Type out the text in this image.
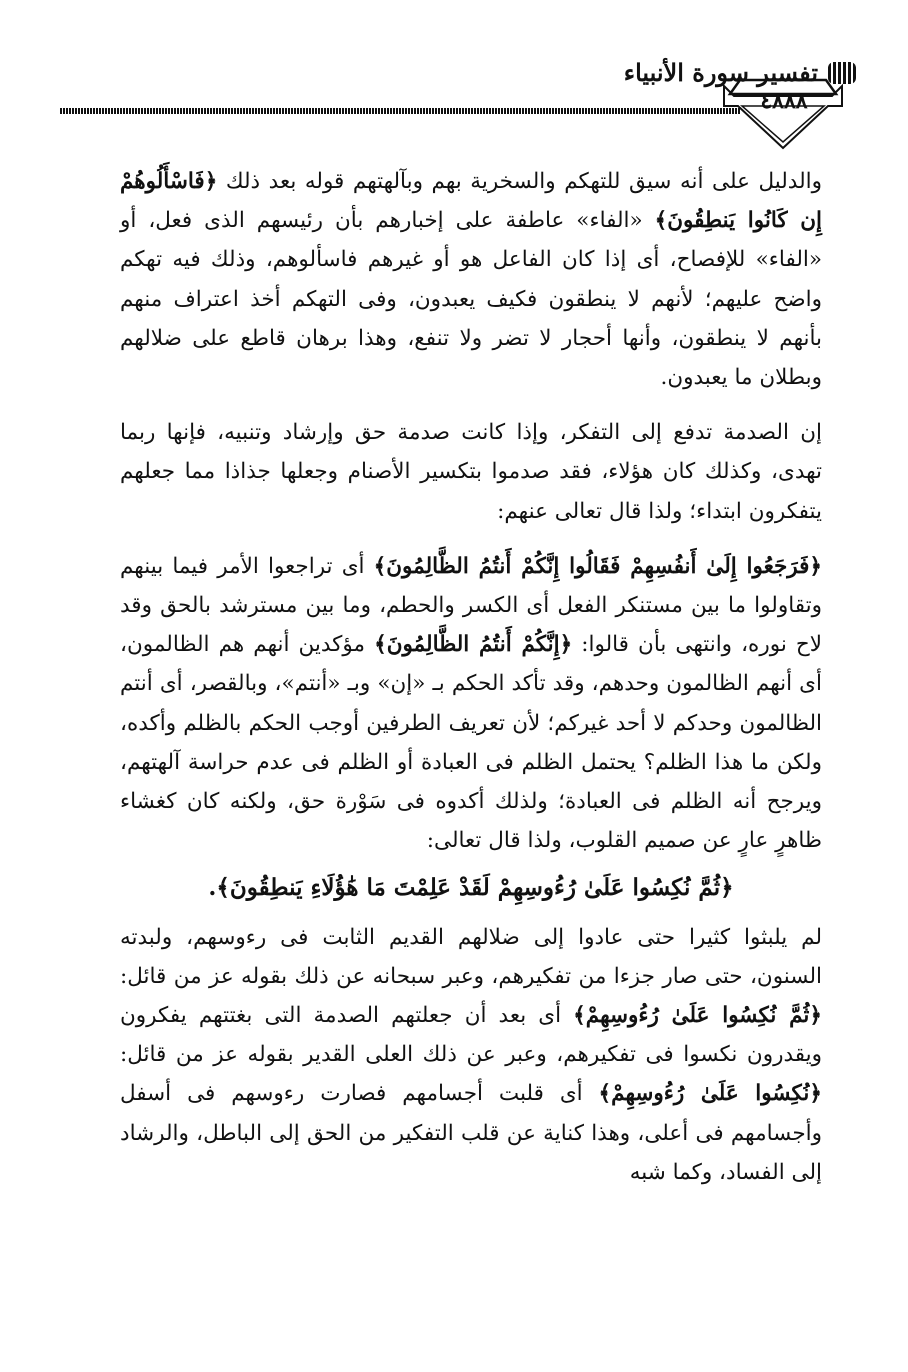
تفسير سورة الأنبياء
٤٨٨٨

والدليل على أنه سيق للتهكم والسخرية بهم وبآلهتهم قوله بعد ذلك ﴿فَاسْأَلُوهُمْ إِن كَانُوا يَنطِقُونَ﴾ «الفاء» عاطفة على إخبارهم بأن رئيسهم الذى فعل، أو «الفاء» للإفصاح، أى إذا كان الفاعل هو أو غيرهم فاسألوهم، وذلك فيه تهكم واضح عليهم؛ لأنهم لا ينطقون فكيف يعبدون، وفى التهكم أخذ اعتراف منهم بأنهم لا ينطقون، وأنها أحجار لا تضر ولا تنفع، وهذا برهان قاطع على ضلالهم وبطلان ما يعبدون.

إن الصدمة تدفع إلى التفكر، وإذا كانت صدمة حق وإرشاد وتنبيه، فإنها ربما تهدى، وكذلك كان هؤلاء، فقد صدموا بتكسير الأصنام وجعلها جذاذا مما جعلهم يتفكرون ابتداء؛ ولذا قال تعالى عنهم:

﴿فَرَجَعُوا إِلَىٰ أَنفُسِهِمْ فَقَالُوا إِنَّكُمْ أَنتُمُ الظَّالِمُونَ﴾ أى تراجعوا الأمر فيما بينهم وتقاولوا ما بين مستنكر الفعل أى الكسر والحطم، وما بين مسترشد بالحق وقد لاح نوره، وانتهى بأن قالوا: ﴿إِنَّكُمْ أَنتُمُ الظَّالِمُونَ﴾ مؤكدين أنهم هم الظالمون، أى أنهم الظالمون وحدهم، وقد تأكد الحكم بـ «إن» وبـ «أنتم»، وبالقصر، أى أنتم الظالمون وحدكم لا أحد غيركم؛ لأن تعريف الطرفين أوجب الحكم بالظلم وأكده، ولكن ما هذا الظلم؟ يحتمل الظلم فى العبادة أو الظلم فى عدم حراسة آلهتهم، ويرجح أنه الظلم فى العبادة؛ ولذلك أكدوه فى سَوْرة حق، ولكنه كان كغشاء ظاهرٍ عارٍ عن صميم القلوب، ولذا قال تعالى:

﴿ثُمَّ نُكِسُوا عَلَىٰ رُءُوسِهِمْ لَقَدْ عَلِمْتَ مَا هَٰؤُلَاءِ يَنطِقُونَ﴾.

لم يلبثوا كثيرا حتى عادوا إلى ضلالهم القديم الثابت فى رءوسهم، ولبدته السنون، حتى صار جزءا من تفكيرهم، وعبر سبحانه عن ذلك بقوله عز من قائل: ﴿ثُمَّ نُكِسُوا عَلَىٰ رُءُوسِهِمْ﴾ أى بعد أن جعلتهم الصدمة التى بغتتهم يفكرون ويقدرون نكسوا فى تفكيرهم، وعبر عن ذلك العلى القدير بقوله عز من قائل: ﴿نُكِسُوا عَلَىٰ رُءُوسِهِمْ﴾ أى قلبت أجسامهم فصارت رءوسهم فى أسفل وأجسامهم فى أعلى، وهذا كناية عن قلب التفكير من الحق إلى الباطل، والرشاد إلى الفساد، وكما شبه
